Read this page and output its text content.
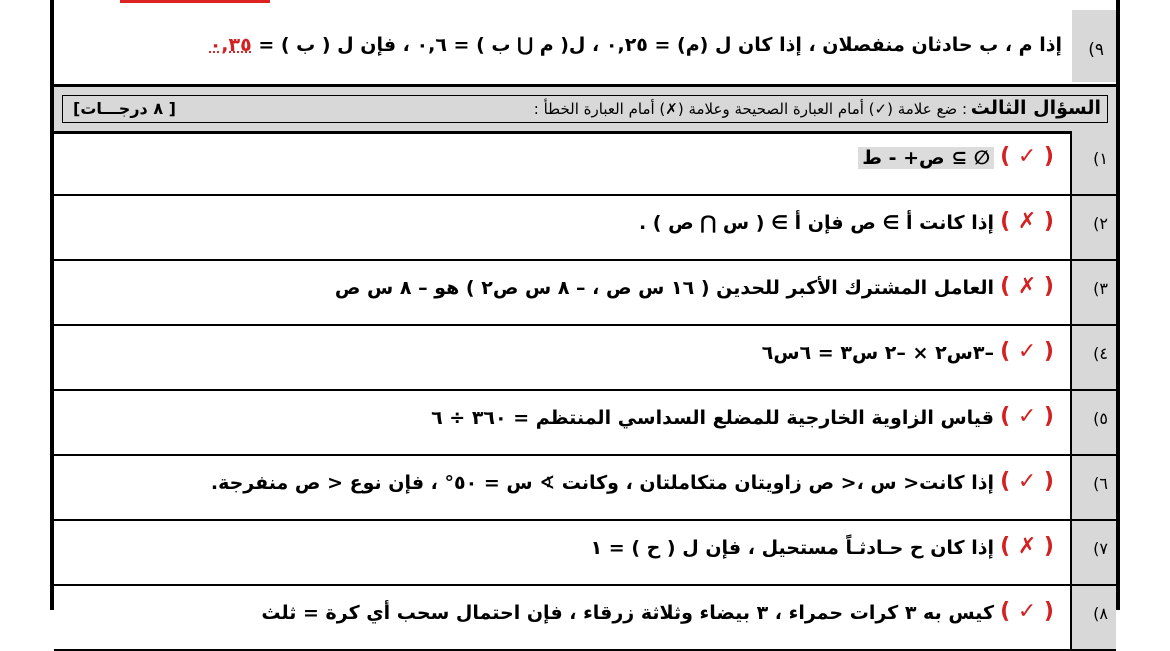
٩)
إذا م ، ب حادثان منفصلان ، إذا كان ل (م) = ٠,٢٥ ، ل( م ⋃ ب ) = ٠,٦ ، فإن ل ( ب ) = ٠,٣٥
السؤال الثالث
: ضع علامة (✓) أمام العبارة الصحيحة وعلامة (✗) أمام العبارة الخطأ :
[ ٨ درجـــات]
١)
( ✓ )
∅ ⊇ ص+ - ط
٢)
( ✗ )
إذا كانت أ ∋ ص فإن أ ∋ ( س ⋂ ص ) .
٣)
( ✗ )
العامل المشترك الأكبر للحدين ( ١٦ س ص ، – ٨ س ص٢ ) هو – ٨ س ص
٤)
( ✓ )
–٣س٢ × –٢ س٣ = ٦س٦
٥)
( ✓ )
قياس الزاوية الخارجية للمضلع السداسي المنتظم = ٣٦٠ ÷ ٦
٦)
( ✓ )
إذا كانت< س ،< ص زاويتان متكاملتان ، وكانت ∢ س = ٥٠° ، فإن نوع < ص منفرجة.
٧)
( ✗ )
إذا كان ح حـادثـاً مستحيل ، فإن ل ( ح ) = ١
٨)
( ✓ )
كيس به ٣ كرات حمراء ، ٣ بيضاء وثلاثة زرقاء ، فإن احتمال سحب أي كرة = ثلث
